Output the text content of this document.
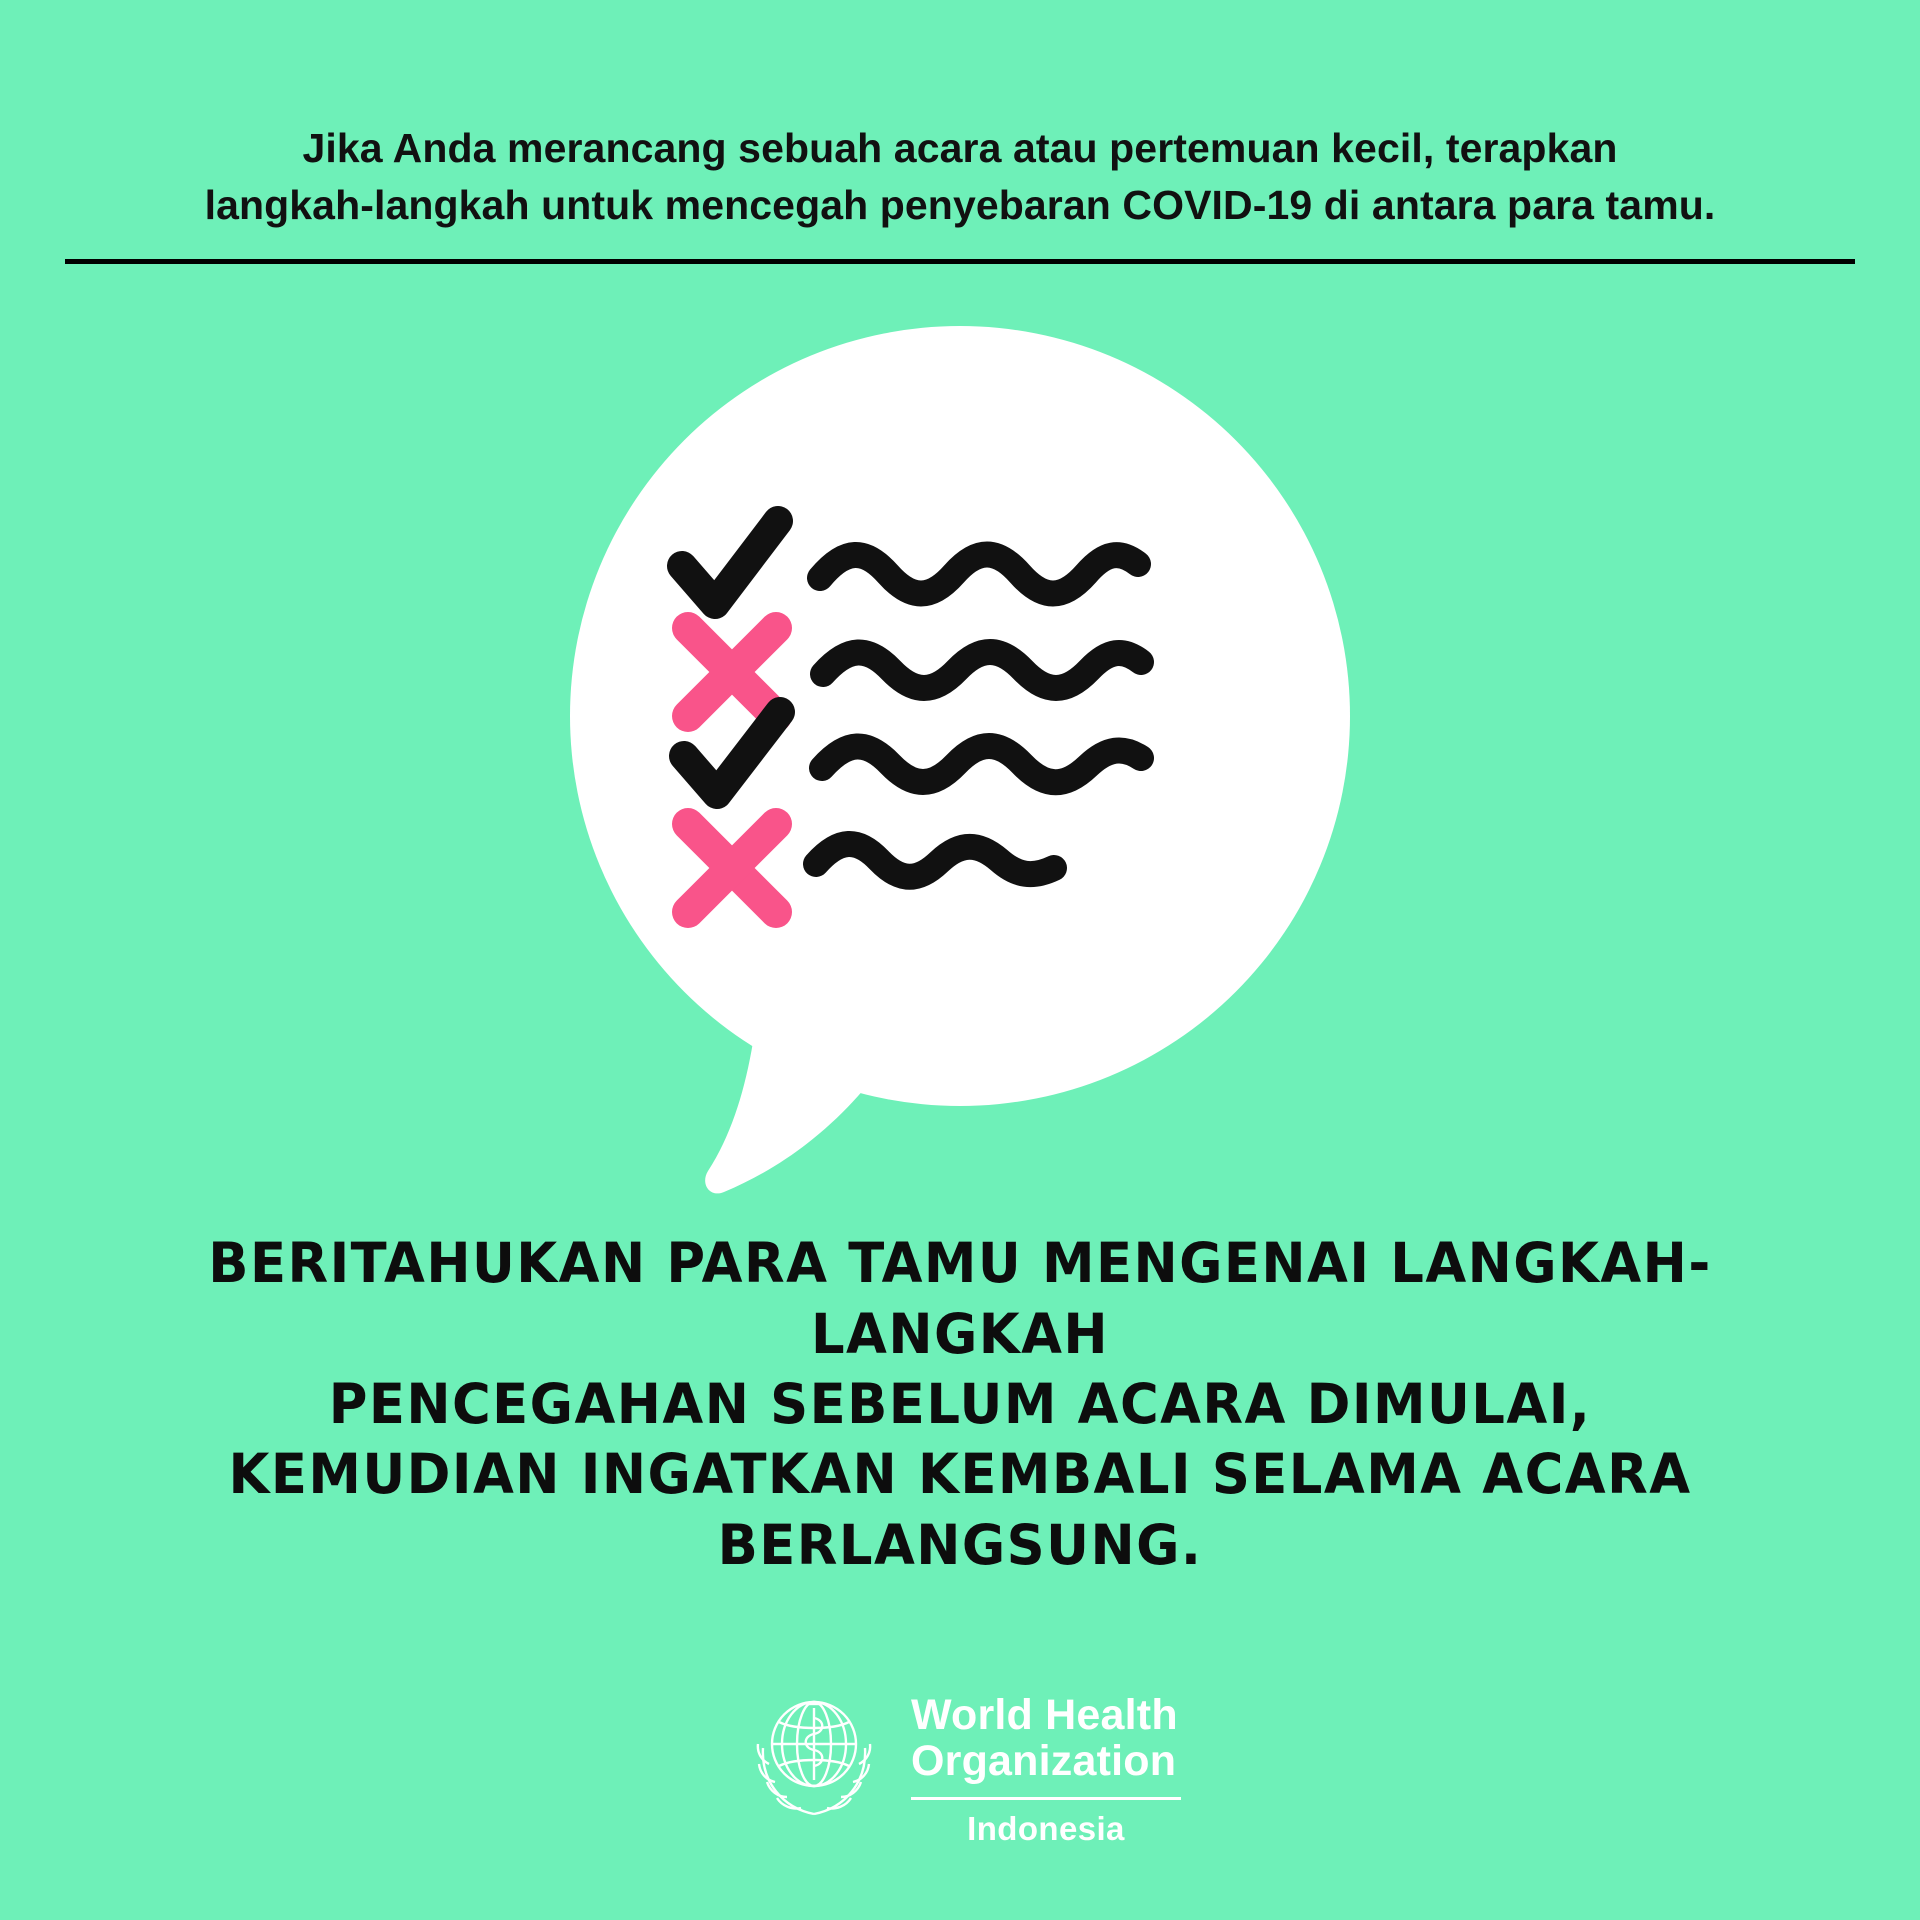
Jika Anda merancang sebuah acara atau pertemuan kecil, terapkan
langkah-langkah untuk mencegah penyebaran COVID-19 di antara para tamu.
BERITAHUKAN PARA TAMU MENGENAI LANGKAH-LANGKAH
PENCEGAHAN SEBELUM ACARA DIMULAI,
KEMUDIAN INGATKAN KEMBALI SELAMA ACARA BERLANGSUNG.
World Health
Organization
Indonesia
